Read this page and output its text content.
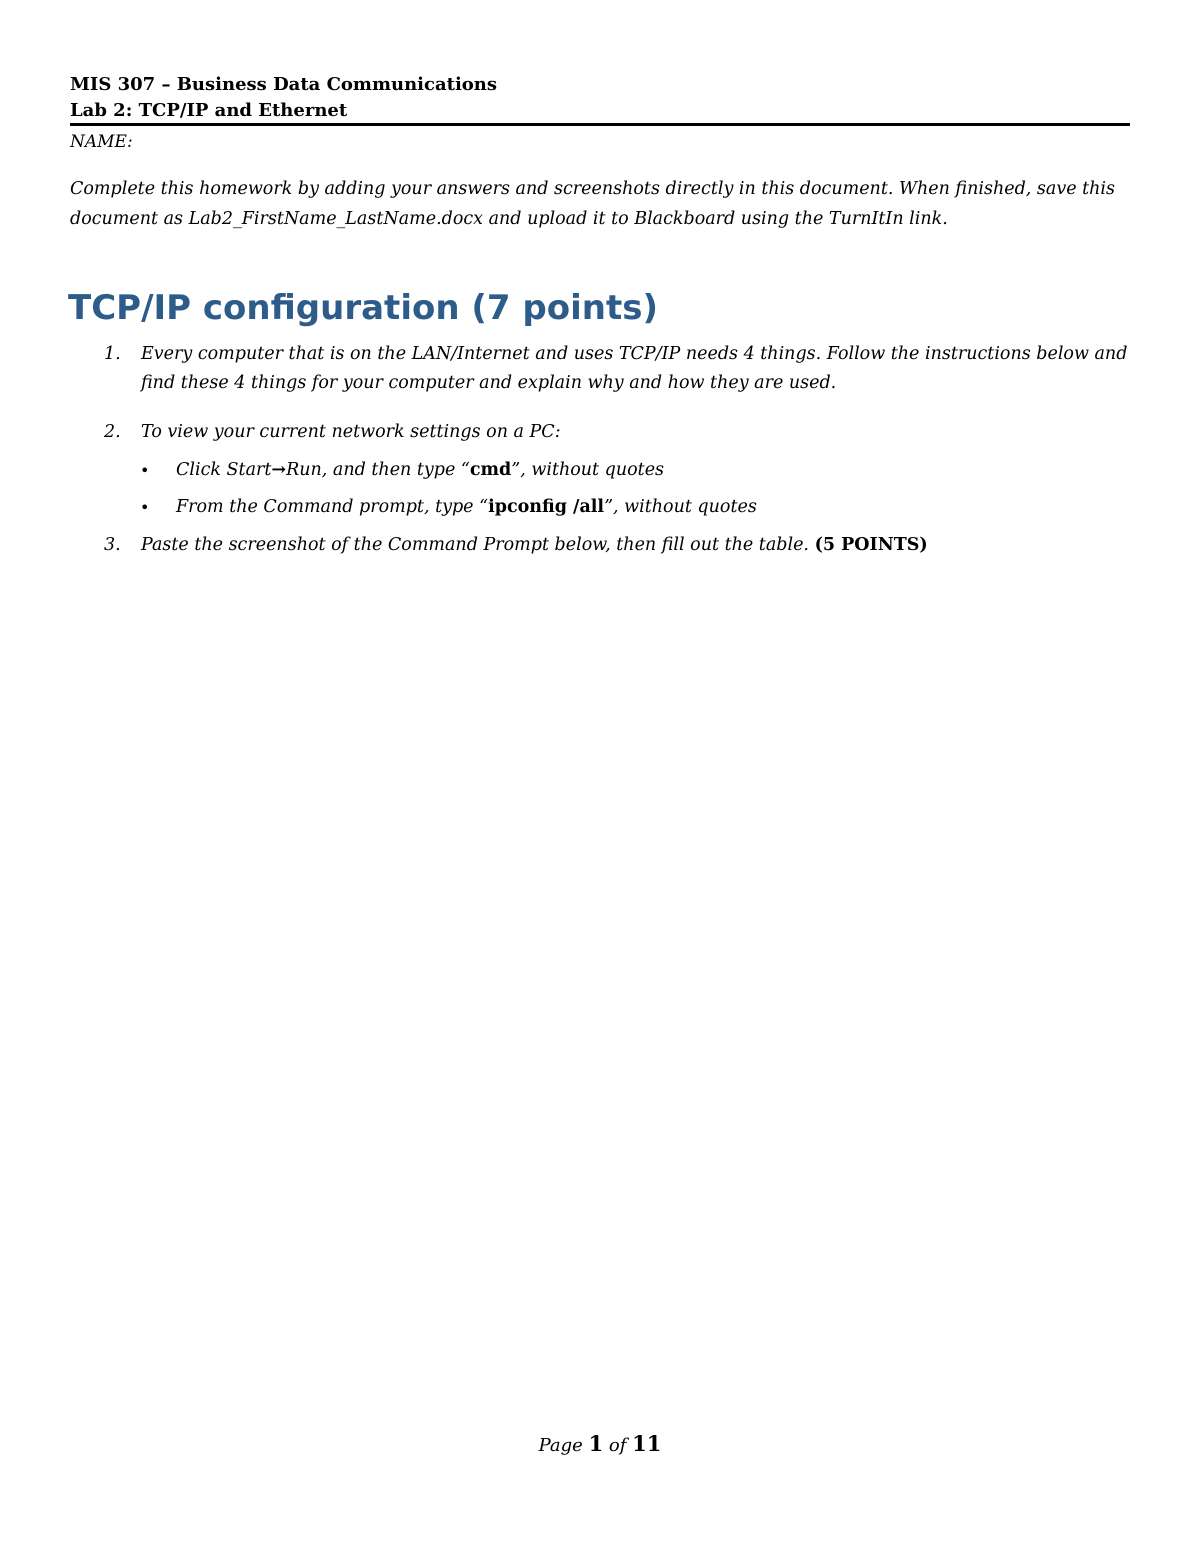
MIS 307 – Business Data Communications
Lab 2: TCP/IP and Ethernet
NAME:
Complete this homework by adding your answers and screenshots directly in this document. When finished, save this document as Lab2_FirstName_LastName.docx and upload it to Blackboard using the TurnItIn link.
TCP/IP configuration (7 points)
1.	Every computer that is on the LAN/Internet and uses TCP/IP needs 4 things. Follow the instructions below and find these 4 things for your computer and explain why and how they are used.
2.	To view your current network settings on a PC:
• Click Start→Run, and then type “cmd”, without quotes
• From the Command prompt, type “ipconfig /all”, without quotes
3.	Paste the screenshot of the Command Prompt below, then fill out the table. (5 POINTS)
Page 1 of 11
